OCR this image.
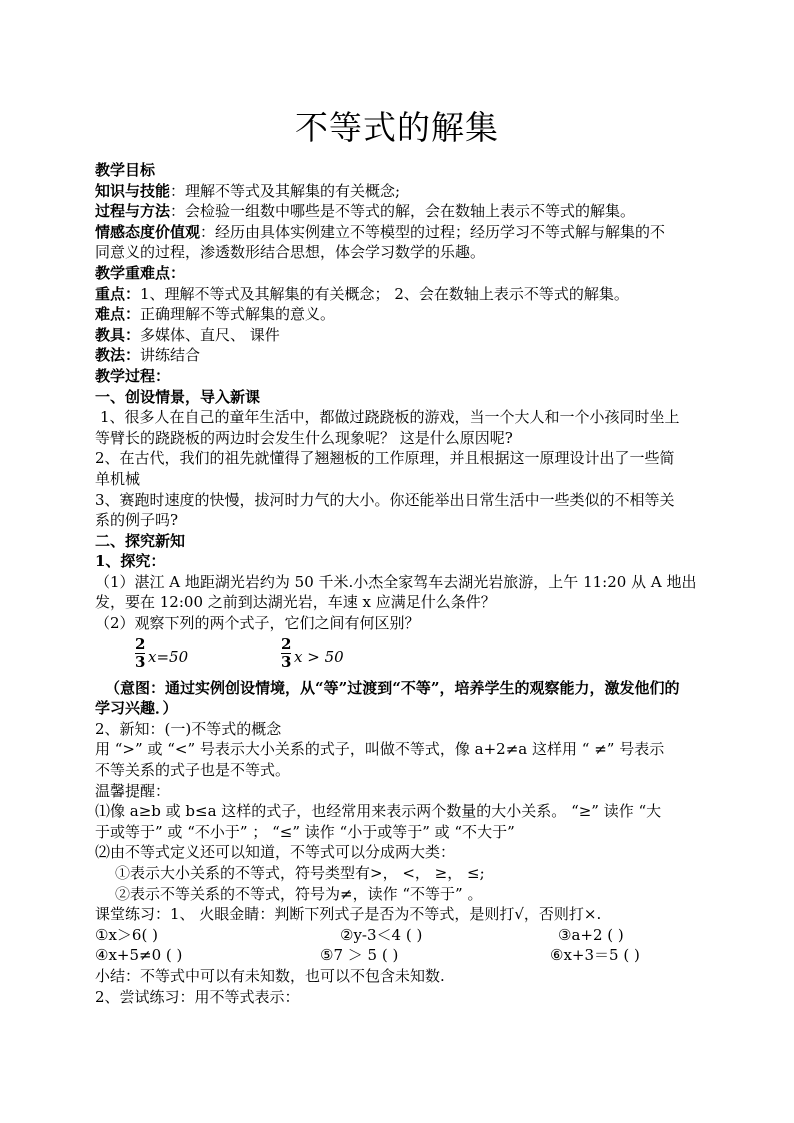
不等式的解集
教学目标
知识与技能：理解不等式及其解集的有关概念;
过程与方法：会检验一组数中哪些是不等式的解，会在数轴上表示不等式的解集。
情感态度价值观：经历由具体实例建立不等模型的过程；经历学习不等式解与解集的不
同意义的过程，渗透数形结合思想，体会学习数学的乐趣。
教学重难点：
重点：1、理解不等式及其解集的有关概念； 2、会在数轴上表示不等式的解集。
难点：正确理解不等式解集的意义。
教具：多媒体、直尺、 课件
教法：讲练结合
教学过程：
一、创设情景，导入新课
1、很多人在自己的童年生活中，都做过跷跷板的游戏，当一个大人和一个小孩同时坐上
等臂长的跷跷板的两边时会发生什么现象呢？ 这是什么原因呢?
2、在古代，我们的祖先就懂得了翘翘板的工作原理，并且根据这一原理设计出了一些简
单机械
3、赛跑时速度的快慢，拔河时力气的大小。你还能举出日常生活中一些类似的不相等关
系的例子吗?
二、探究新知
1、探究：
（1）湛江 A 地距湖光岩约为 50 千米.小杰全家驾车去湖光岩旅游，上午 11:20 从 A 地出
发，要在 12:00 之前到达湖光岩，车速 x 应满足什么条件？
（2）观察下列的两个式子，它们之间有何区别？
2
3 x=50
2
3 x > 50
（意图：通过实例创设情境，从“等”过渡到“不等”，培养学生的观察能力，激发他们的
学习兴趣．）
2、新知：(一)不等式的概念
用 “>” 或 “<” 号表示大小关系的式子，叫做不等式，像 a+2≠a 这样用 “ ≠” 号表示
不等关系的式子也是不等式。
温馨提醒：
⑴像 a≥b 或 b≤a 这样的式子，也经常用来表示两个数量的大小关系。 “≥” 读作 “大
于或等于” 或 “不小于” ； “≤” 读作 “小于或等于” 或 “不大于”
⑵由不等式定义还可以知道，不等式可以分成两大类：
①表示大小关系的不等式，符号类型有>， <， ≥， ≤;
②表示不等关系的不等式，符号为≠，读作 “不等于” 。
课堂练习：1、 火眼金睛：判断下列式子是否为不等式，是则打√，否则打×.
①x＞6( )	②y-3＜4 ( )	③a+2 ( )
④x+5≠0 ( )	⑤7 ＞ 5 ( )	⑥x+3＝5 ( )
小结：不等式中可以有未知数，也可以不包含未知数.
2、尝试练习：用不等式表示：
